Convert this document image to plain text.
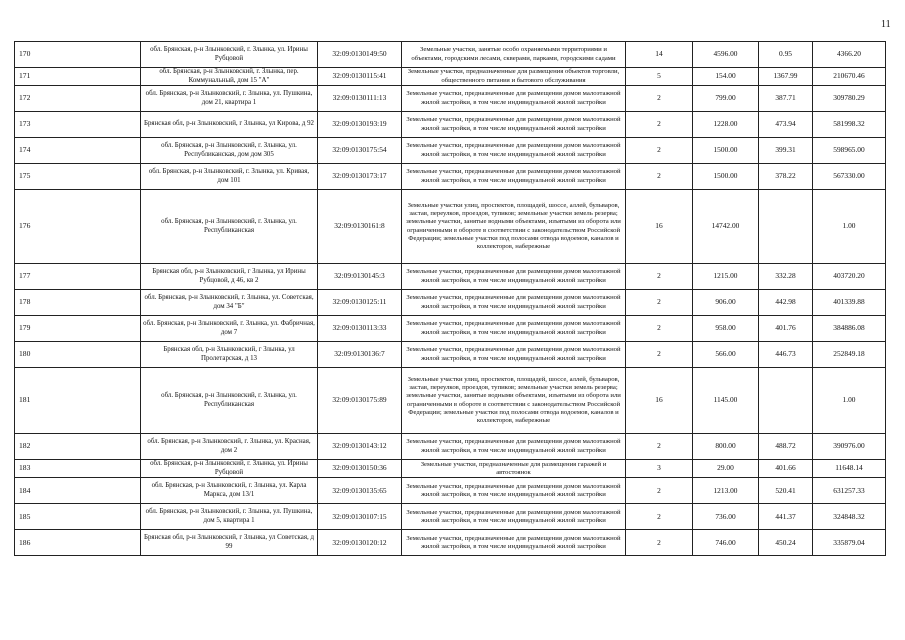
11
170	обл. Брянская, р-н Злынковский, г. Злынка, ул. Ирины Рубцовой	32:09:0130149:50	Земельные участки, занятые особо охраняемыми территориями и объектами, городскими лесами, скверами, парками, городскими садами	14	4596.00	0.95	4366.20
171	обл. Брянская, р-н Злынковский, г. Злынка, пер. Коммунальный, дом 15 "А"	32:09:0130115:41	Земельные участки, предназначенные для размещения объектов торговли, общественного питания и бытового обслуживания	5	154.00	1367.99	210670.46
172	обл. Брянская, р-н Злынковский, г. Злынка, ул. Пушкина, дом 21, квартира 1	32:09:0130111:13	Земельные участки, предназначенные для размещения домов малоэтажной жилой застройки, в том числе индивидуальной жилой застройки	2	799.00	387.71	309780.29
173	Брянская обл, р-н Злынковский, г Злынка, ул Кирова, д 92	32:09:0130193:19	Земельные участки, предназначенные для размещения домов малоэтажной жилой застройки, в том числе индивидуальной жилой застройки	2	1228.00	473.94	581998.32
174	обл. Брянская, р-н Злынковский, г. Злынка, ул. Республиканская, дом дом 305	32:09:0130175:54	Земельные участки, предназначенные для размещения домов малоэтажной жилой застройки, в том числе индивидуальной жилой застройки	2	1500.00	399.31	598965.00
175	обл. Брянская, р-н Злынковский, г. Злынка, ул. Кривая, дом 101	32:09:0130173:17	Земельные участки, предназначенные для размещения домов малоэтажной жилой застройки, в том числе индивидуальной жилой застройки	2	1500.00	378.22	567330.00
176	обл. Брянская, р-н Злынковский, г. Злынка, ул. Республиканская	32:09:0130161:8	Земельные участки улиц, проспектов, площадей, шоссе, аллей, бульваров, застав, переулков, проездов, тупиков; земельные участки земель резерва; земельные участки, занятые водными объектами, изъятыми из оборота или ограниченными в обороте в соответствии с законодательством Российской Федерации; земельные участки под полосами отвода водоемов, каналов и коллекторов, набережные	16	14742.00		1.00
177	Брянская обл, р-н Злынковский, г Злынка, ул Ирины Рубцовой, д 46, кв 2	32:09:0130145:3	Земельные участки, предназначенные для размещения домов малоэтажной жилой застройки, в том числе индивидуальной жилой застройки	2	1215.00	332.28	403720.20
178	обл. Брянская, р-н Злынковский, г. Злынка, ул. Советская, дом 34 "Б"	32:09:0130125:11	Земельные участки, предназначенные для размещения домов малоэтажной жилой застройки, в том числе индивидуальной жилой застройки	2	906.00	442.98	401339.88
179	обл. Брянская, р-н Злынковский, г. Злынка, ул. Фабричная, дом 7	32:09:0130113:33	Земельные участки, предназначенные для размещения домов малоэтажной жилой застройки, в том числе индивидуальной жилой застройки	2	958.00	401.76	384886.08
180	Брянская обл, р-н Злынковский, г Злынка, ул Пролетарская, д 13	32:09:0130136:7	Земельные участки, предназначенные для размещения домов малоэтажной жилой застройки, в том числе индивидуальной жилой застройки	2	566.00	446.73	252849.18
181	обл. Брянская, р-н Злынковский, г. Злынка, ул. Республиканская	32:09:0130175:89	Земельные участки улиц, проспектов, площадей, шоссе, аллей, бульваров, застав, переулков, проездов, тупиков; земельные участки земель резерва; земельные участки, занятые водными объектами, изъятыми из оборота или ограниченными в обороте в соответствии с законодательством Российской Федерации; земельные участки под полосами отвода водоемов, каналов и коллекторов, набережные	16	1145.00		1.00
182	обл. Брянская, р-н Злынковский, г. Злынка, ул. Красная, дом 2	32:09:0130143:12	Земельные участки, предназначенные для размещения домов малоэтажной жилой застройки, в том числе индивидуальной жилой застройки	2	800.00	488.72	390976.00
183	обл. Брянская, р-н Злынковский, г. Злынка, ул. Ирины Рубцовой	32:09:0130150:36	Земельные участки, предназначенные для размещения гаражей и автостоянок	3	29.00	401.66	11648.14
184	обл. Брянская, р-н Злынковский, г. Злынка, ул. Карла Маркса, дом 13/1	32:09:0130135:65	Земельные участки, предназначенные для размещения домов малоэтажной жилой застройки, в том числе индивидуальной жилой застройки	2	1213.00	520.41	631257.33
185	обл. Брянская, р-н Злынковский, г. Злынка, ул. Пушкина, дом 5, квартира 1	32:09:0130107:15	Земельные участки, предназначенные для размещения домов малоэтажной жилой застройки, в том числе индивидуальной жилой застройки	2	736.00	441.37	324848.32
186	Брянская обл, р-н Злынковский, г Злынка, ул Советская, д 99	32:09:0130120:12	Земельные участки, предназначенные для размещения домов малоэтажной жилой застройки, в том числе индивидуальной жилой застройки	2	746.00	450.24	335879.04
